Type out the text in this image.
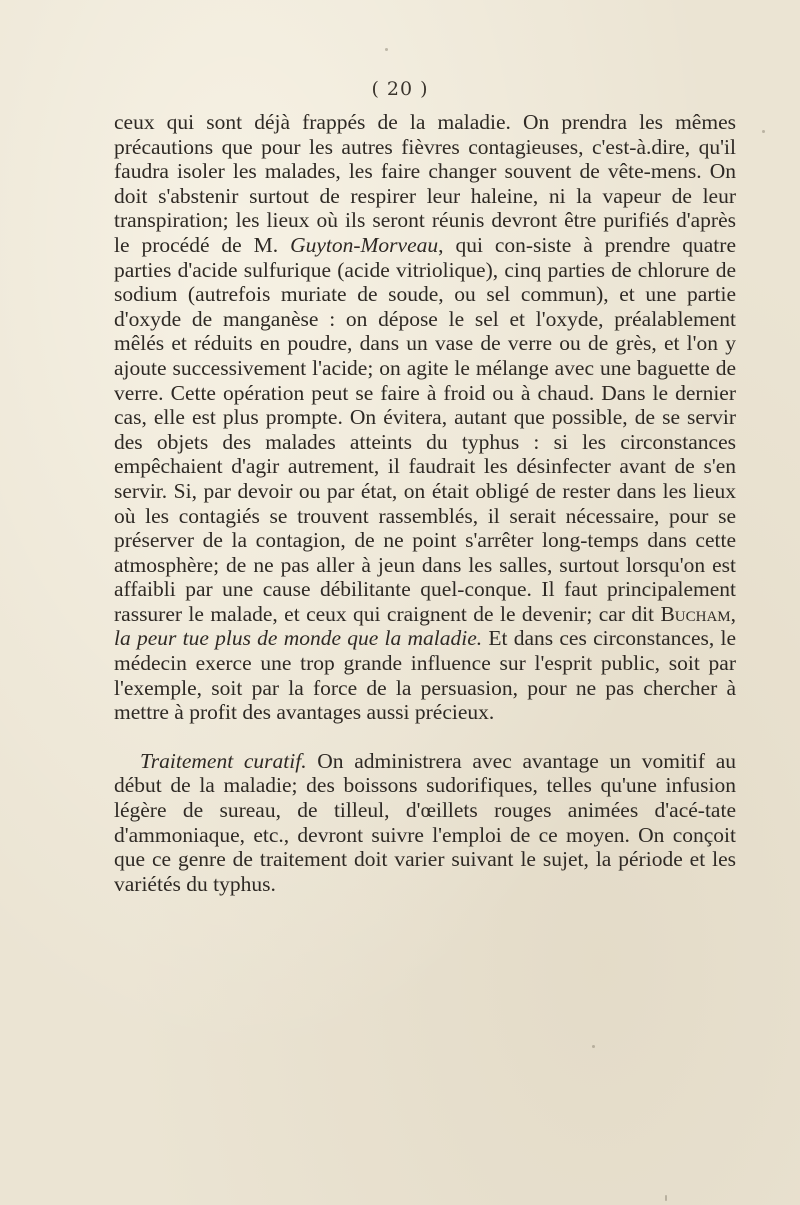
( 20 )

ceux qui sont déjà frappés de la maladie. On prendra les mêmes précautions que pour les autres fièvres contagieuses, c'est-à.dire, qu'il faudra isoler les malades, les faire changer souvent de vête-mens. On doit s'abstenir surtout de respirer leur haleine, ni la vapeur de leur transpiration; les lieux où ils seront réunis devront être purifiés d'après le procédé de M. Guyton-Morveau, qui con-siste à prendre quatre parties d'acide sulfurique (acide vitriolique), cinq parties de chlorure de sodium (autrefois muriate de soude, ou sel commun), et une partie d'oxyde de manganèse : on dépose le sel et l'oxyde, préalablement mêlés et réduits en poudre, dans un vase de verre ou de grès, et l'on y ajoute successivement l'acide; on agite le mélange avec une baguette de verre. Cette opération peut se faire à froid ou à chaud. Dans le dernier cas, elle est plus prompte. On évitera, autant que possible, de se servir des objets des malades atteints du typhus : si les circonstances empêchaient d'agir autrement, il faudrait les désinfecter avant de s'en servir. Si, par devoir ou par état, on était obligé de rester dans les lieux où les contagiés se trouvent rassemblés, il serait nécessaire, pour se préserver de la contagion, de ne point s'arrêter long-temps dans cette atmosphère; de ne pas aller à jeun dans les salles, surtout lorsqu'on est affaibli par une cause débilitante quel-conque. Il faut principalement rassurer le malade, et ceux qui craignent de le devenir; car dit Bucham, la peur tue plus de monde que la maladie. Et dans ces circonstances, le médecin exerce une trop grande influence sur l'esprit public, soit par l'exemple, soit par la force de la persuasion, pour ne pas chercher à mettre à profit des avantages aussi précieux.

Traitement curatif. On administrera avec avantage un vomitif au début de la maladie; des boissons sudorifiques, telles qu'une infusion légère de sureau, de tilleul, d'œillets rouges animées d'acé-tate d'ammoniaque, etc., devront suivre l'emploi de ce moyen. On conçoit que ce genre de traitement doit varier suivant le sujet, la période et les variétés du typhus.
